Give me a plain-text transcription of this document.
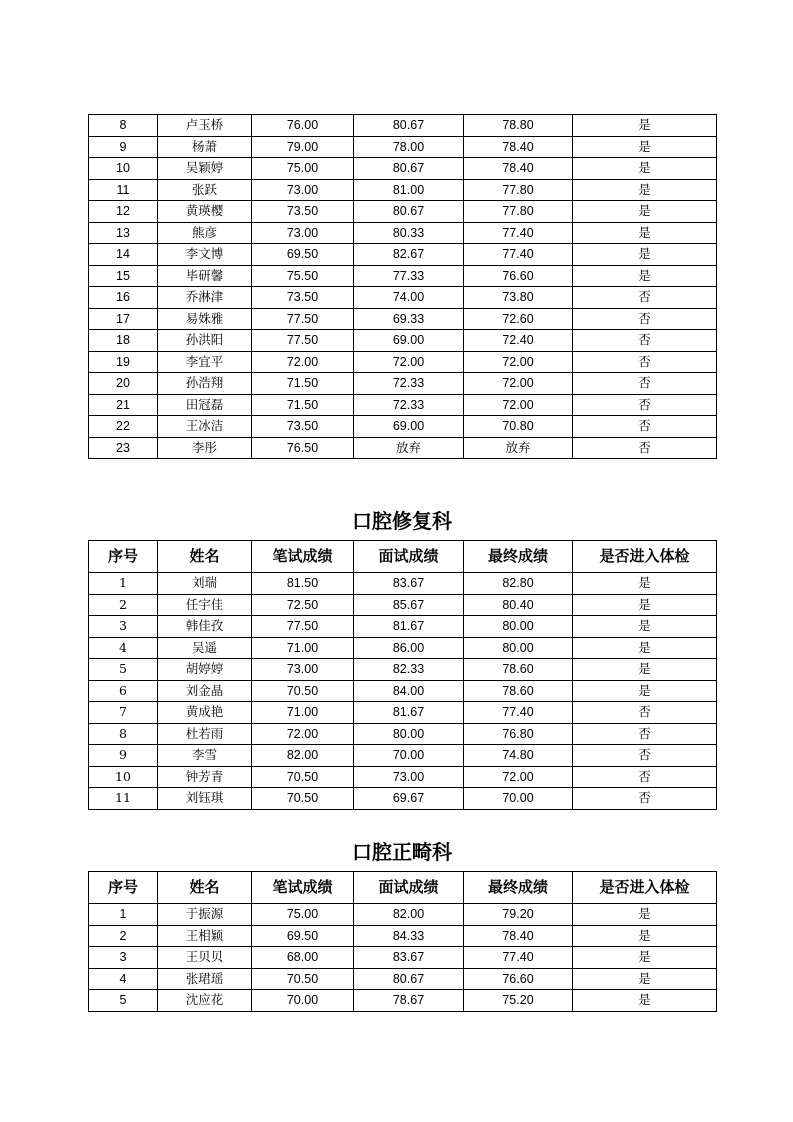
8	卢玉桥	76.00	80.67	78.80	是
9	杨萧	79.00	78.00	78.40	是
10	吴颖婷	75.00	80.67	78.40	是
11	张跃	73.00	81.00	77.80	是
12	黄瑛樱	73.50	80.67	77.80	是
13	熊彦	73.00	80.33	77.40	是
14	李文博	69.50	82.67	77.40	是
15	毕研馨	75.50	77.33	76.60	是
16	乔淋津	73.50	74.00	73.80	否
17	易姝雅	77.50	69.33	72.60	否
18	孙洪阳	77.50	69.00	72.40	否
19	李宜平	72.00	72.00	72.00	否
20	孙浩翔	71.50	72.33	72.00	否
21	田冠磊	71.50	72.33	72.00	否
22	王冰洁	73.50	69.00	70.80	否
23	李彤	76.50	放弃	放弃	否
口腔修复科
序号	姓名	笔试成绩	面试成绩	最终成绩	是否进入体检
1	刘瑞	81.50	83.67	82.80	是
2	任宇佳	72.50	85.67	80.40	是
3	韩佳孜	77.50	81.67	80.00	是
4	吴遥	71.00	86.00	80.00	是
5	胡婷婷	73.00	82.33	78.60	是
6	刘金晶	70.50	84.00	78.60	是
7	黄成艳	71.00	81.67	77.40	否
8	杜若雨	72.00	80.00	76.80	否
9	李雪	82.00	70.00	74.80	否
10	钟芳青	70.50	73.00	72.00	否
11	刘钰琪	70.50	69.67	70.00	否
口腔正畸科
序号	姓名	笔试成绩	面试成绩	最终成绩	是否进入体检
1	于振源	75.00	82.00	79.20	是
2	王相颖	69.50	84.33	78.40	是
3	王贝贝	68.00	83.67	77.40	是
4	张珺瑶	70.50	80.67	76.60	是
5	沈应花	70.00	78.67	75.20	是
